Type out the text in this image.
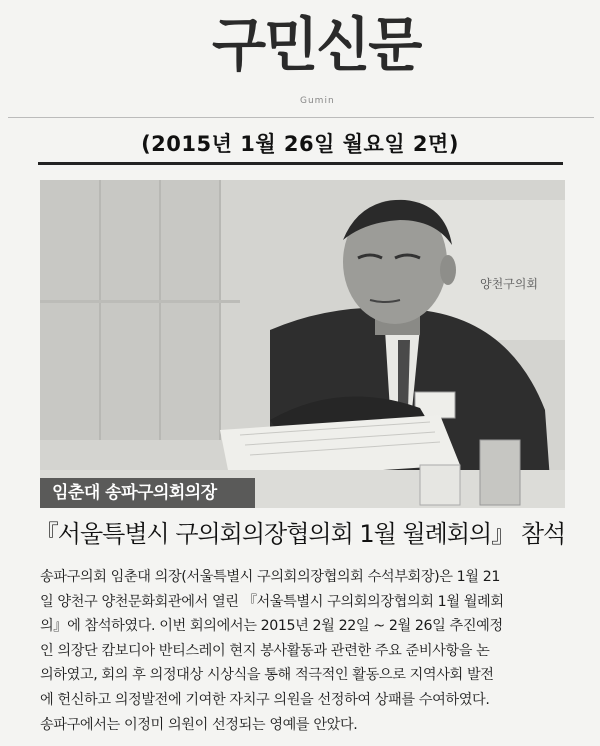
구민신문
Gumin
(2015년 1월 26일 월요일 2면)
양천구의회
임춘대 송파구의회의장
『서울특별시 구의회의장협의회 1월 월례회의』 참석
송파구의회 임춘대 의장(서울특별시 구의회의장협의회 수석부회장)은 1월 21
일 양천구 양천문화회관에서 열린 『서울특별시 구의회의장협의회 1월 월례회
의』에 참석하였다. 이번 회의에서는 2015년 2월 22일 ~ 2월 26일 추진예정
인 의장단 캄보디아 반티스레이 현지 봉사활동과 관련한 주요 준비사항을 논
의하였고, 회의 후 의정대상 시상식을 통해 적극적인 활동으로 지역사회 발전
에 헌신하고 의정발전에 기여한 자치구 의원을 선정하여 상패를 수여하였다.
송파구에서는 이정미 의원이 선정되는 영예를 안았다.
